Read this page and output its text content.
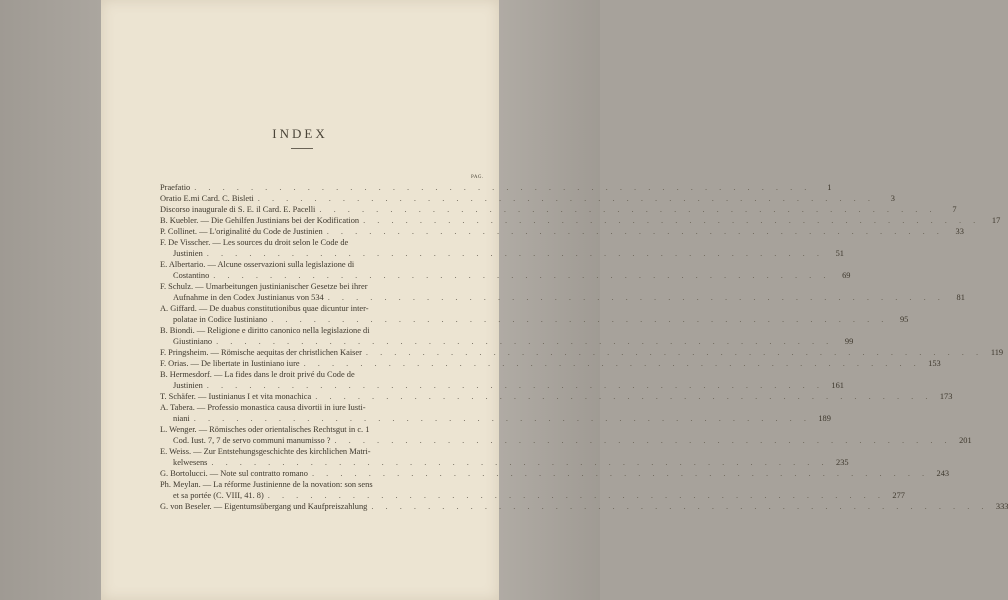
INDEX
PAG.
Praefatio . . . . . . . . . . . . . . . . . . . . . . . . . . . . . . . . . . . . . . . . . . . .	1
Oratio E.mi Card. C. Bisleti . . . . . . . . . . . . . . . . . . . . . . . . . . . . . . . . . . . . . . . . . . . .	3
Discorso inaugurale di S. E. il Card. E. Pacelli . . . . . . . . . . . . . . . . . . . . . . . . . . . . . . . . . . . . . . . . . . . .	7
B. Kuebler. — Die Gehilfen Justinians bei der Kodification . . . . . . . . . . . . . . . . . . . . . . . . . . . . . . . . . . . . . . . . . . . .	17
P. Collinet. — L'originalité du Code de Justinien . . . . . . . . . . . . . . . . . . . . . . . . . . . . . . . . . . . . . . . . . . . .	33
F. De Visscher. — Les sources du droit selon le Code de
Justinien . . . . . . . . . . . . . . . . . . . . . . . . . . . . . . . . . . . . . . . . . . . .	51
E. Albertario. — Alcune osservazioni sulla legislazione di
Costantino . . . . . . . . . . . . . . . . . . . . . . . . . . . . . . . . . . . . . . . . . . . .	69
F. Schulz. — Umarbeitungen justinianischer Gesetze bei ihrer
Aufnahme in den Codex Justinianus von 534 . . . . . . . . . . . . . . . . . . . . . . . . . . . . . . . . . . . . . . . . . . . .	81
A. Giffard. — De duabus constitutionibus quae dicuntur inter-
polatae in Codice Iustiniano . . . . . . . . . . . . . . . . . . . . . . . . . . . . . . . . . . . . . . . . . . . .	95
B. Biondi. — Religione e diritto canonico nella legislazione di
Giustiniano . . . . . . . . . . . . . . . . . . . . . . . . . . . . . . . . . . . . . . . . . . . .	99
F. Pringsheim. — Römische aequitas der christlichen Kaiser . . . . . . . . . . . . . . . . . . . . . . . . . . . . . . . . . . . . . . . . . . . . 119
F. Orias. — De libertate in Iustiniano iure . . . . . . . . . . . . . . . . . . . . . . . . . . . . . . . . . . . . . . . . . . . . 153
B. Hermesdorf. — La fides dans le droit privé du Code de
Justinien . . . . . . . . . . . . . . . . . . . . . . . . . . . . . . . . . . . . . . . . . . . . 161
T. Schäfer. — Iustinianus I et vita monachica . . . . . . . . . . . . . . . . . . . . . . . . . . . . . . . . . . . . . . . . . . . . 173
A. Tabera. — Professio monastica causa divortii in iure Iusti-
niani . . . . . . . . . . . . . . . . . . . . . . . . . . . . . . . . . . . . . . . . . . . . 189
L. Wenger. — Römisches oder orientalisches Rechtsgut in c. 1
Cod. Iust. 7, 7 de servo communi manumisso ? . . . . . . . . . . . . . . . . . . . . . . . . . . . . . . . . . . . . . . . . . . . . 201
E. Weiss. — Zur Entstehungsgeschichte des kirchlichen Matri-
kelwesens . . . . . . . . . . . . . . . . . . . . . . . . . . . . . . . . . . . . . . . . . . . . 235
G. Bortolucci. — Note sul contratto romano . . . . . . . . . . . . . . . . . . . . . . . . . . . . . . . . . . . . . . . . . . . . 243
Ph. Meylan. — La réforme Justinienne de la novation: son sens
et sa portée (C. VIII, 41. 8) . . . . . . . . . . . . . . . . . . . . . . . . . . . . . . . . . . . . . . . . . . . . 277
G. von Beseler. — Eigentumsübergang und Kaufpreiszahlung . . . . . . . . . . . . . . . . . . . . . . . . . . . . . . . . . . . . . . . . . . . . 333
